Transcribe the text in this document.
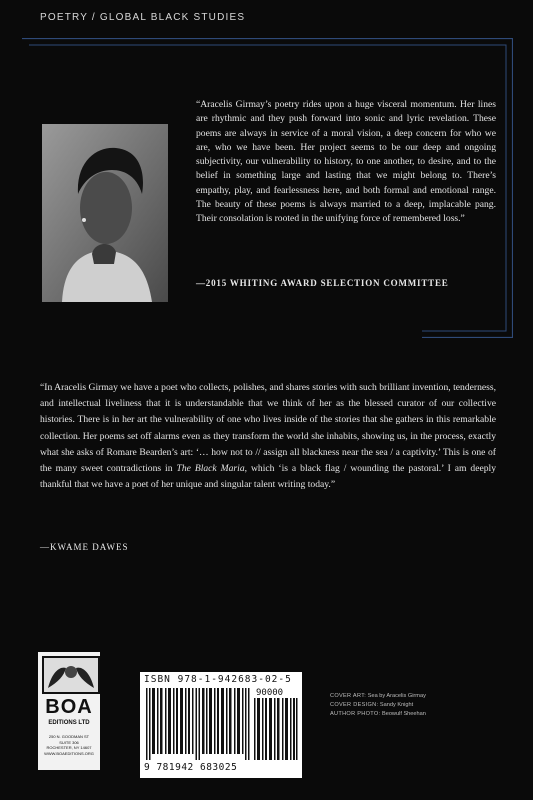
POETRY / GLOBAL BLACK STUDIES
“Aracelis Girmay’s poetry rides upon a huge visceral momentum. Her lines are rhythmic and they push forward into sonic and lyric revelation. These poems are always in service of a moral vision, a deep concern for who we are, who we have been. Her project seems to be our deep and ongoing subjectivity, our vulnerability to history, to one another, to desire, and to the belief in something large and lasting that we might belong to. There’s empathy, play, and fearlessness here, and both formal and emotional range. The beauty of these poems is always married to a deep, implacable pang. Their consolation is rooted in the unifying force of remembered loss.”
—2015 WHITING AWARD SELECTION COMMITTEE
“In Aracelis Girmay we have a poet who collects, polishes, and shares stories with such brilliant invention, tenderness, and intellectual liveliness that it is understandable that we think of her as the blessed curator of our collective histories. There is in her art the vulnerability of one who lives inside of the stories that she gathers in this remarkable collection. Her poems set off alarms even as they transform the world she inhabits, showing us, in the process, exactly what she asks of Romare Bearden’s art: ‘… how not to // assign all blackness near the sea / a captivity.’ This is one of the many sweet contradictions in The Black Maria, which ‘is a black flag / wounding the pastoral.’ I am deeply thankful that we have a poet of her unique and singular talent writing today.”
—KWAME DAWES
BOA
EDITIONS LTD
250 N. GOODMAN ST
SUITE 306
ROCHESTER, NY 14607
WWW.BOAEDITIONS.ORG
ISBN 978-1-942683-02-5
90000
9 781942 683025
COVER ART: Sea by Aracelis Girmay
COVER DESIGN: Sandy Knight
AUTHOR PHOTO: Beowulf Sheehan
